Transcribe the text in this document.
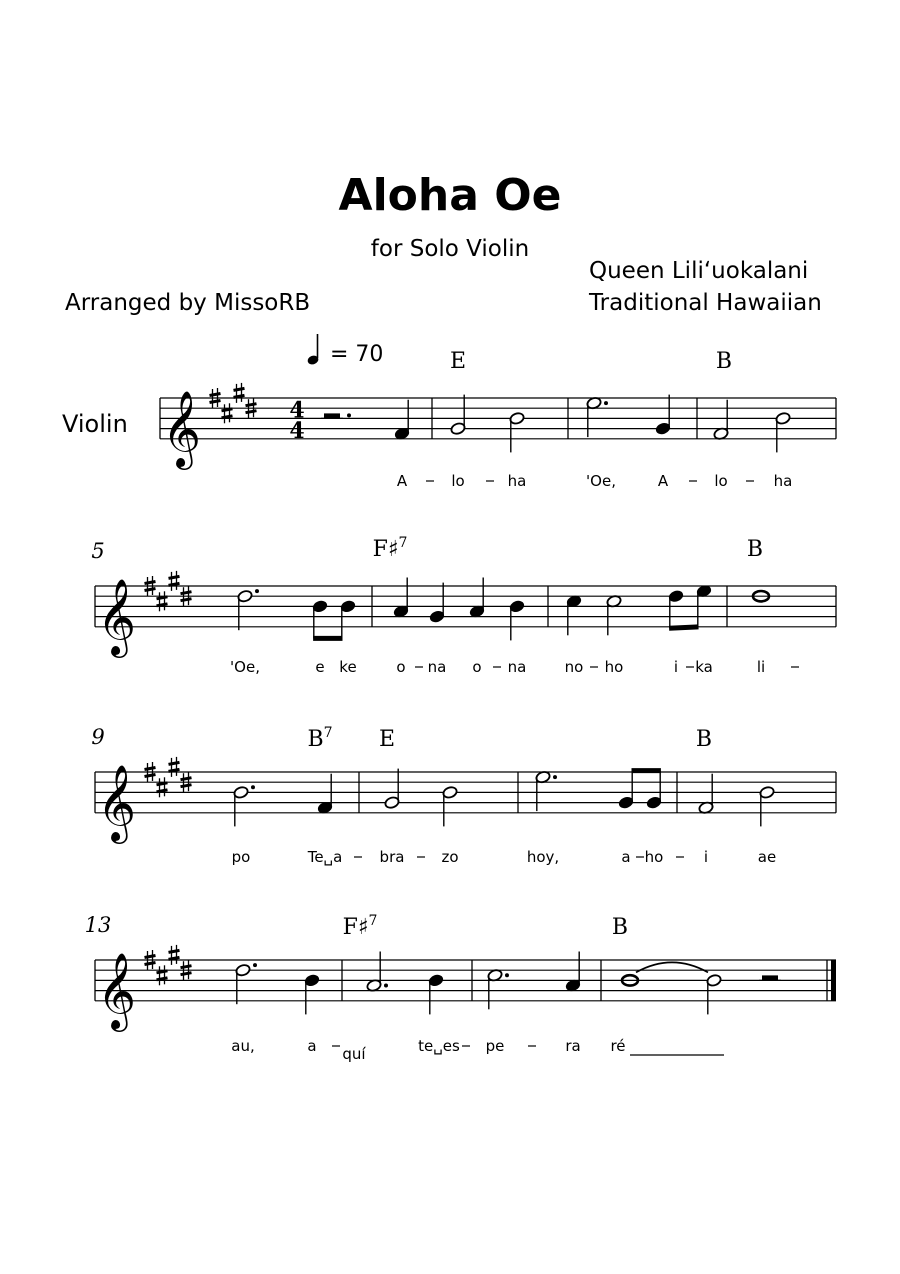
Aloha Oe
for Solo Violin
Queen Liliʻuokalani
Traditional Hawaiian
Arranged by MissoRB
Violin
= 70
𝄞	4
4
𝄞
𝄞
𝄞
E	B
F♯$^7$	B
$B^7$ E	B
F♯$^7$	B
5
9
13
A	lo	ha	'Oe,	A	lo	ha
'Oe,	e ke	o na o na	no ho	i ka	li
po	Te␣a bra zo	hoy,	a ho	i	ae
au,	a quí	te␣es pe	ra ré
